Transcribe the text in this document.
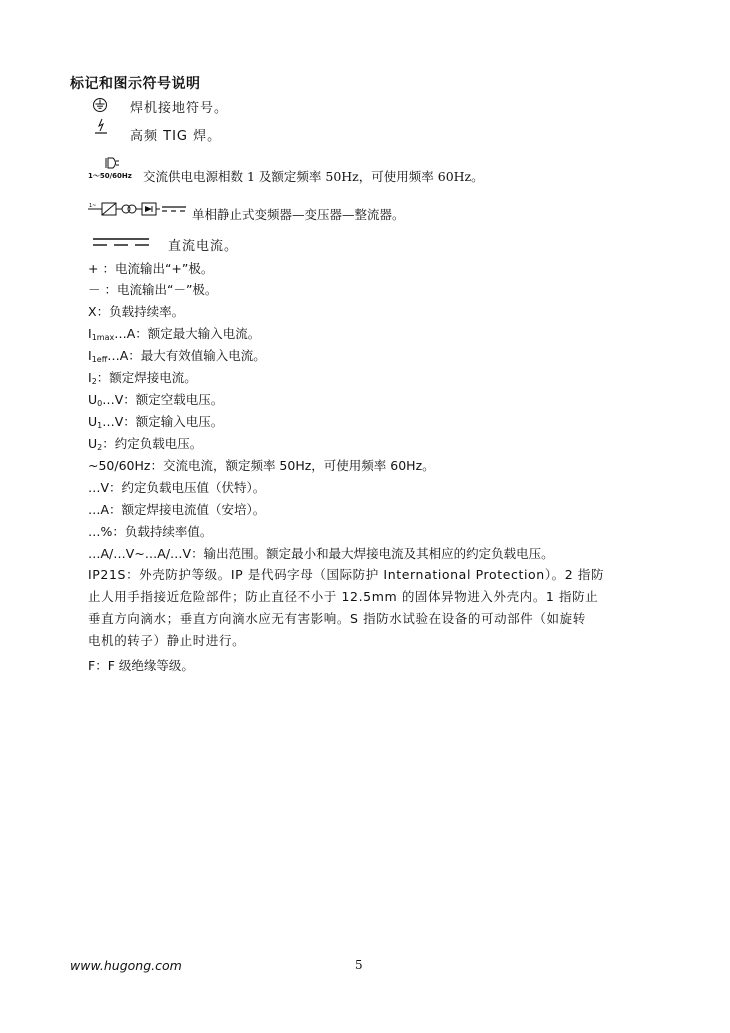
标记和图示符号说明
焊机接地符号。
高频 TIG 焊。
1～50/60Hz 交流供电电源相数 1 及额定频率 50Hz，可使用频率 60Hz。
1~
单相静止式变频器—变压器—整流器。
直流电流。
+ ：电流输出“+”极。
－ ：电流输出“－”极。
X：负载持续率。
$I_{1max}\dots A$：额定最大输入电流。
$I_{1eff}\dots A$：最大有效值输入电流。
$I_2$：额定焊接电流。
$U_0\dots V$：额定空载电压。
$U_1\dots V$：额定输入电压。
$U_2$：约定负载电压。
~50/60Hz：交流电流，额定频率 50Hz，可使用频率 60Hz。
…V：约定负载电压值（伏特）。
…A：额定焊接电流值（安培）。
…%：负载持续率值。
…A/…V~…A/…V：输出范围。额定最小和最大焊接电流及其相应的约定负载电压。
IP21S：外壳防护等级。IP 是代码字母（国际防护 International Protection）。2 指防
止人用手指接近危险部件；防止直径不小于 12.5mm 的固体异物进入外壳内。1 指防止
垂直方向滴水；垂直方向滴水应无有害影响。S 指防水试验在设备的可动部件（如旋转
电机的转子）静止时进行。
F：F 级绝缘等级。
www.hugong.com	5
